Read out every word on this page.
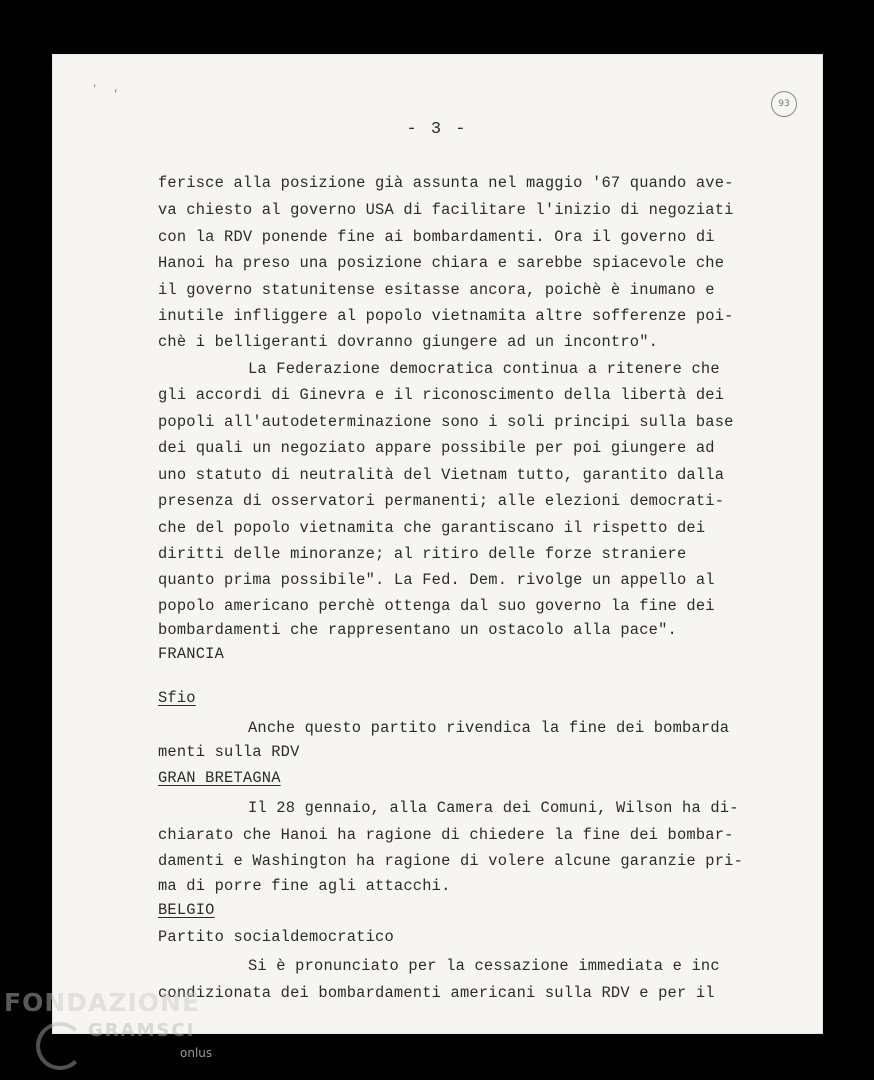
'   ,
- 3 -
93
ferisce alla posizione già assunta nel maggio '67 quando ave-
va chiesto al governo USA di facilitare l'inizio di negoziati
con la RDV ponende fine ai bombardamenti. Ora il governo di
Hanoi ha preso una posizione chiara e sarebbe spiacevole che
il governo statunitense esitasse ancora, poichè è inumano e
inutile infliggere al popolo vietnamita altre sofferenze poi-
chè i belligeranti dovranno giungere ad un incontro".
La Federazione democratica continua a ritenere che
gli accordi di Ginevra e il riconoscimento della libertà dei
popoli all'autodeterminazione sono i soli principi sulla base
dei quali un negoziato appare possibile per poi giungere ad
uno statuto di neutralità del Vietnam tutto, garantito dalla
presenza di osservatori permanenti; alle elezioni democrati-
che del popolo vietnamita che garantiscano il rispetto dei
diritti delle minoranze; al ritiro delle forze straniere
quanto prima possibile". La Fed. Dem. rivolge un appello al
popolo americano perchè ottenga dal suo governo la fine dei
bombardamenti che rappresentano un ostacolo alla pace".
FRANCIA
Sfio
Anche questo partito rivendica la fine dei bombarda
menti sulla RDV
GRAN BRETAGNA
Il 28 gennaio, alla Camera dei Comuni, Wilson ha di-
chiarato che Hanoi ha ragione di chiedere la fine dei bombar-
damenti e Washington ha ragione di volere alcune garanzie pri-
ma di porre fine agli attacchi.
BELGIO
Partito socialdemocratico
Si è pronunciato per la cessazione immediata e inc
condizionata dei bombardamenti americani sulla RDV e per il
FONDAZIONE
GRAMSCI
onlus
